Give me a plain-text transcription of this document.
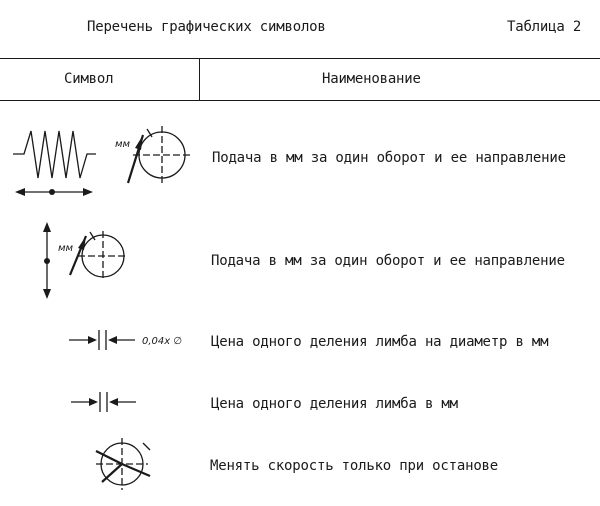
Перечень графических символов	Таблица 2
Символ	Наименование
мм
Подача в мм за один оборот и ее направление
мм
Подача в мм за один оборот и ее направление
0,04х ∅ Цена одного деления лимба на диаметр в мм
Цена одного деления лимба в мм
Менять скорость только при останове
